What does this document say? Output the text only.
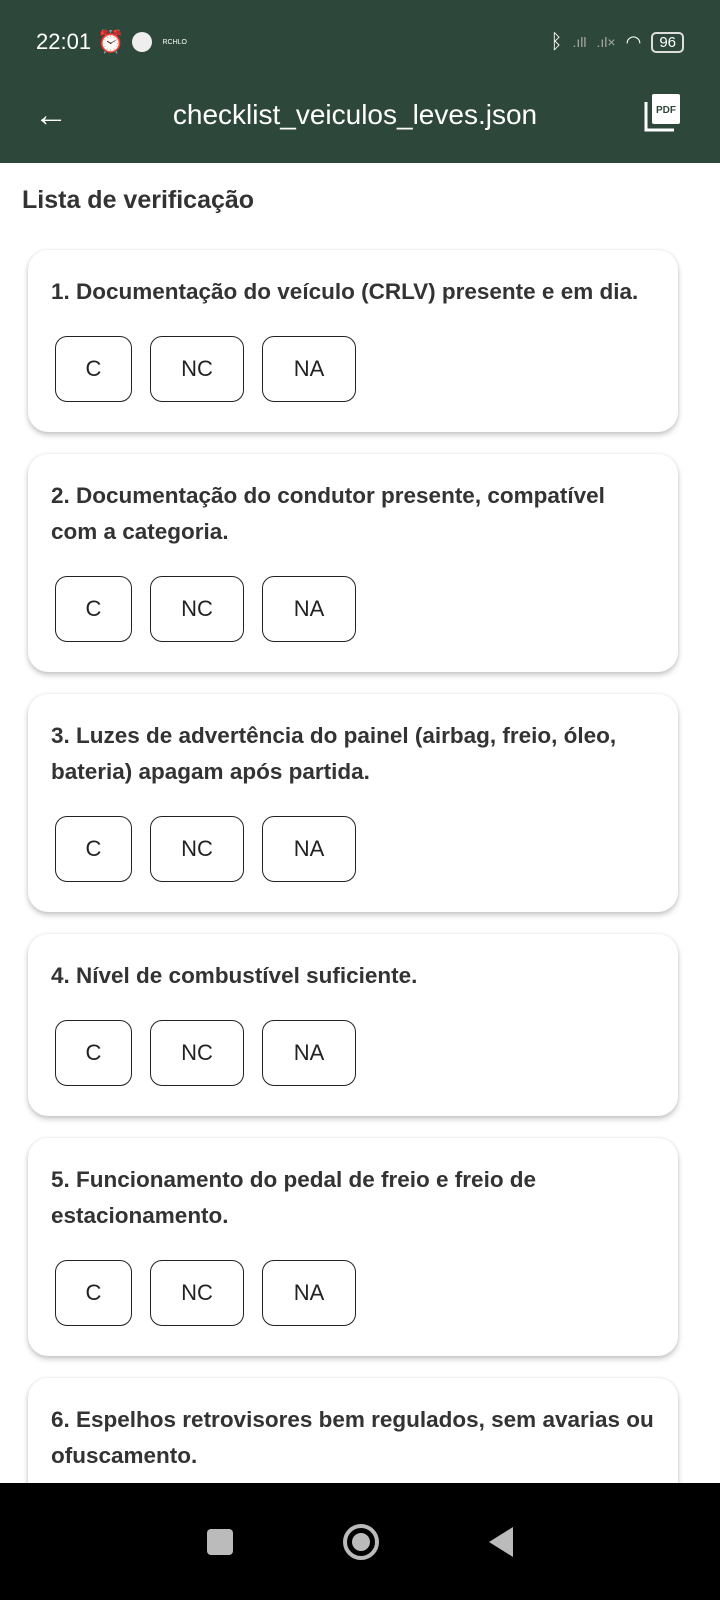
22:01 ⏰	RCHLO	ᛒ .ıll .ıl× ◠	96
←	checklist_veiculos_leves.json	PDF
Lista de verificação
1. Documentação do veículo (CRLV) presente e em dia.
C	NC	NA
2. Documentação do condutor presente, compatível com a categoria.
C	NC	NA
3. Luzes de advertência do painel (airbag, freio, óleo, bateria) apagam após partida.
C	NC	NA
4. Nível de combustível suficiente.
C	NC	NA
5. Funcionamento do pedal de freio e freio de estacionamento.
C	NC	NA
6. Espelhos retrovisores bem regulados, sem avarias ou ofuscamento.
